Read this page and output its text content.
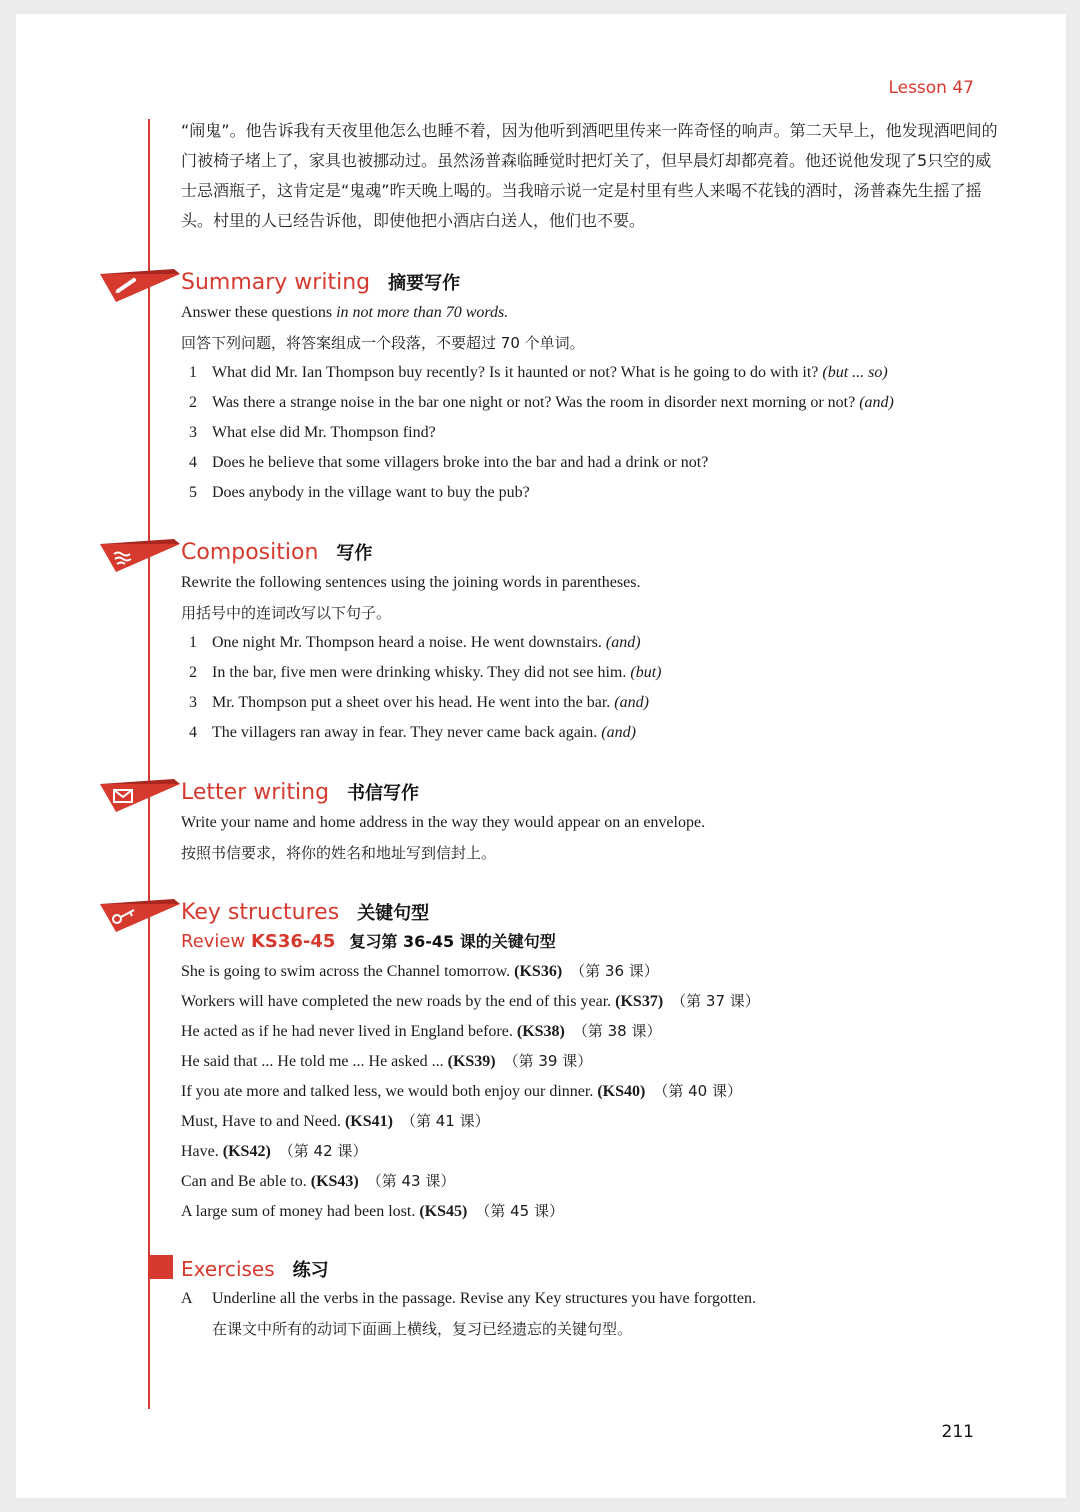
Lesson 47
“闹鬼”。他告诉我有天夜里他怎么也睡不着，因为他听到酒吧里传来一阵奇怪的响声。第二天早上，他发现酒吧间的门被椅子堵上了，家具也被挪动过。虽然汤普森临睡觉时把灯关了，但早晨灯却都亮着。他还说他发现了5只空的威士忌酒瓶子，这肯定是“鬼魂”昨天晚上喝的。当我暗示说一定是村里有些人来喝不花钱的酒时，汤普森先生摇了摇头。村里的人已经告诉他，即使他把小酒店白送人，他们也不要。
Summary writing 摘要写作
Answer these questions in not more than 70 words.
回答下列问题，将答案组成一个段落，不要超过 70 个单词。
1 What did Mr. Ian Thompson buy recently? Is it haunted or not? What is he going to do with it? (but ... so)
2 Was there a strange noise in the bar one night or not? Was the room in disorder next morning or not? (and)
3 What else did Mr. Thompson find?
4 Does he believe that some villagers broke into the bar and had a drink or not?
5 Does anybody in the village want to buy the pub?
Composition 写作
Rewrite the following sentences using the joining words in parentheses.
用括号中的连词改写以下句子。
1 One night Mr. Thompson heard a noise. He went downstairs. (and)
2 In the bar, five men were drinking whisky. They did not see him. (but)
3 Mr. Thompson put a sheet over his head. He went into the bar. (and)
4 The villagers ran away in fear. They never came back again. (and)
Letter writing 书信写作
Write your name and home address in the way they would appear on an envelope.
按照书信要求，将你的姓名和地址写到信封上。
Key structures 关键句型
Review KS36-45 复习第 36-45 课的关键句型
She is going to swim across the Channel tomorrow. (KS36) （第 36 课）
Workers will have completed the new roads by the end of this year. (KS37) （第 37 课）
He acted as if he had never lived in England before. (KS38) （第 38 课）
He said that ... He told me ... He asked ... (KS39) （第 39 课）
If you ate more and talked less, we would both enjoy our dinner. (KS40) （第 40 课）
Must, Have to and Need. (KS41) （第 41 课）
Have. (KS42) （第 42 课）
Can and Be able to. (KS43) （第 43 课）
A large sum of money had been lost. (KS45) （第 45 课）
Exercises 练习
A Underline all the verbs in the passage. Revise any Key structures you have forgotten.
在课文中所有的动词下面画上横线，复习已经遗忘的关键句型。
211
